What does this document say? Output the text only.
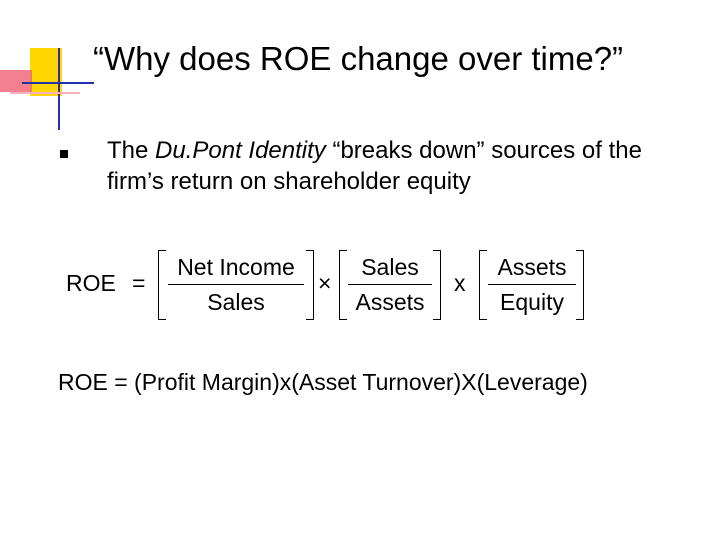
“Why does ROE change over time?”
The Du.Pont Identity “breaks down” sources of the firm’s return on shareholder equity
ROE =
Net Income
Sales
×
Sales
Assets
x
Assets
Equity
ROE = (Profit Margin)x(Asset Turnover)X(Leverage)
